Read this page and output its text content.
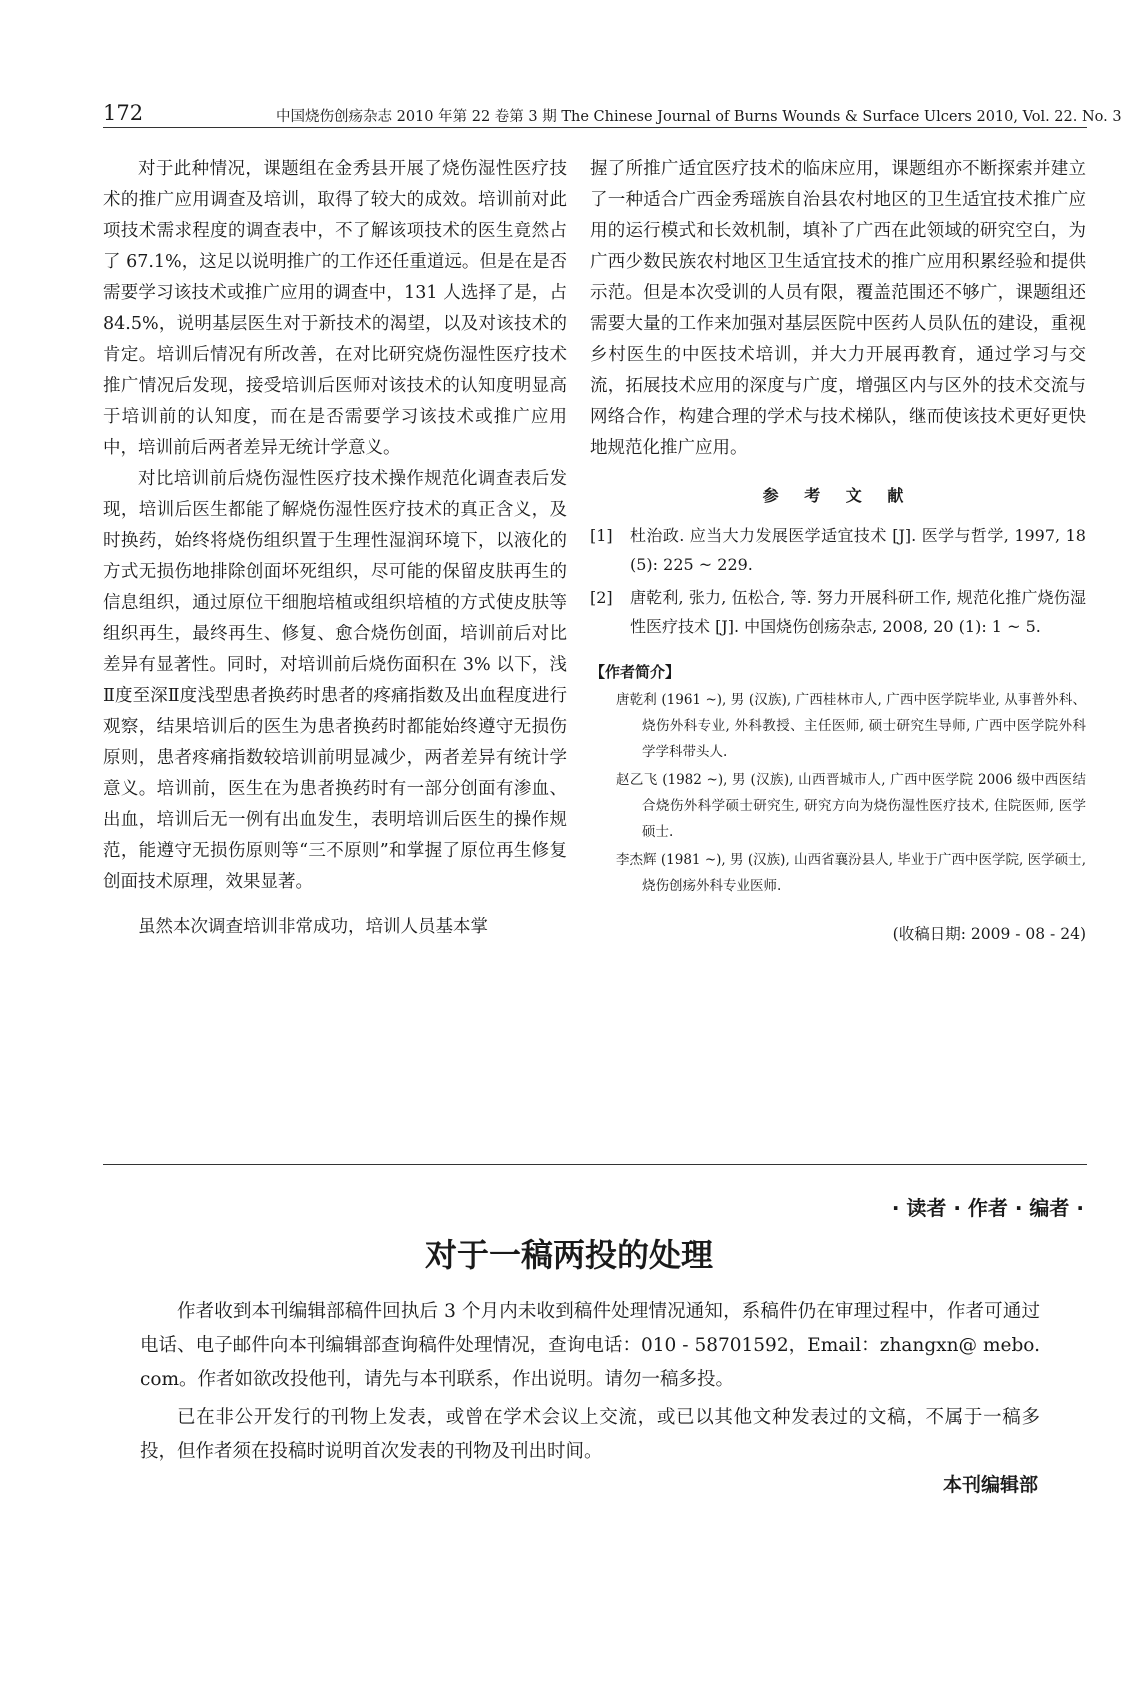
172	中国烧伤创疡杂志 2010 年第 22 卷第 3 期 The Chinese Journal of Burns Wounds & Surface Ulcers 2010, Vol. 22. No. 3

对于此种情况，课题组在金秀县开展了烧伤湿性医疗技术的推广应用调查及培训，取得了较大的成效。培训前对此项技术需求程度的调查表中，不了解该项技术的医生竟然占了 67.1%，这足以说明推广的工作还任重道远。但是在是否需要学习该技术或推广应用的调查中，131 人选择了是，占 84.5%，说明基层医生对于新技术的渴望，以及对该技术的肯定。培训后情况有所改善，在对比研究烧伤湿性医疗技术推广情况后发现，接受培训后医师对该技术的认知度明显高于培训前的认知度，而在是否需要学习该技术或推广应用中，培训前后两者差异无统计学意义。

对比培训前后烧伤湿性医疗技术操作规范化调查表后发现，培训后医生都能了解烧伤湿性医疗技术的真正含义，及时换药，始终将烧伤组织置于生理性湿润环境下，以液化的方式无损伤地排除创面坏死组织，尽可能的保留皮肤再生的信息组织，通过原位干细胞培植或组织培植的方式使皮肤等组织再生，最终再生、修复、愈合烧伤创面，培训前后对比差异有显著性。同时，对培训前后烧伤面积在 3% 以下，浅Ⅱ度至深Ⅱ度浅型患者换药时患者的疼痛指数及出血程度进行观察，结果培训后的医生为患者换药时都能始终遵守无损伤原则，患者疼痛指数较培训前明显减少，两者差异有统计学意义。培训前，医生在为患者换药时有一部分创面有渗血、出血，培训后无一例有出血发生，表明培训后医生的操作规范，能遵守无损伤原则等“三不原则”和掌握了原位再生修复创面技术原理，效果显著。

虽然本次调查培训非常成功，培训人员基本掌

握了所推广适宜医疗技术的临床应用，课题组亦不断探索并建立了一种适合广西金秀瑶族自治县农村地区的卫生适宜技术推广应用的运行模式和长效机制，填补了广西在此领域的研究空白，为广西少数民族农村地区卫生适宜技术的推广应用积累经验和提供示范。但是本次受训的人员有限，覆盖范围还不够广，课题组还需要大量的工作来加强对基层医院中医药人员队伍的建设，重视乡村医生的中医技术培训，并大力开展再教育，通过学习与交流，拓展技术应用的深度与广度，增强区内与区外的技术交流与网络合作，构建合理的学术与技术梯队，继而使该技术更好更快地规范化推广应用。

参 考 文 献
[1]	杜治政. 应当大力发展医学适宜技术 [J]. 医学与哲学, 1997, 18 (5): 225 ~ 229.
[2]	唐乾利, 张力, 伍松合, 等. 努力开展科研工作, 规范化推广烧伤湿性医疗技术 [J]. 中国烧伤创疡杂志, 2008, 20 (1): 1 ~ 5.
【作者简介】
唐乾利 (1961 ~), 男 (汉族), 广西桂林市人, 广西中医学院毕业, 从事普外科、烧伤外科专业, 外科教授、主任医师, 硕士研究生导师, 广西中医学院外科学学科带头人.
赵乙飞 (1982 ~), 男 (汉族), 山西晋城市人, 广西中医学院 2006 级中西医结合烧伤外科学硕士研究生, 研究方向为烧伤湿性医疗技术, 住院医师, 医学硕士.
李杰辉 (1981 ~), 男 (汉族), 山西省襄汾县人, 毕业于广西中医学院, 医学硕士, 烧伤创疡外科专业医师.
(收稿日期: 2009 - 08 - 24)
· 读者 · 作者 · 编者 ·
对于一稿两投的处理

作者收到本刊编辑部稿件回执后 3 个月内未收到稿件处理情况通知，系稿件仍在审理过程中，作者可通过电话、电子邮件向本刊编辑部查询稿件处理情况，查询电话：010 - 58701592，Email：zhangxn@ mebo. com。作者如欲改投他刊，请先与本刊联系，作出说明。请勿一稿多投。

已在非公开发行的刊物上发表，或曾在学术会议上交流，或已以其他文种发表过的文稿，不属于一稿多投，但作者须在投稿时说明首次发表的刊物及刊出时间。

本刊编辑部
